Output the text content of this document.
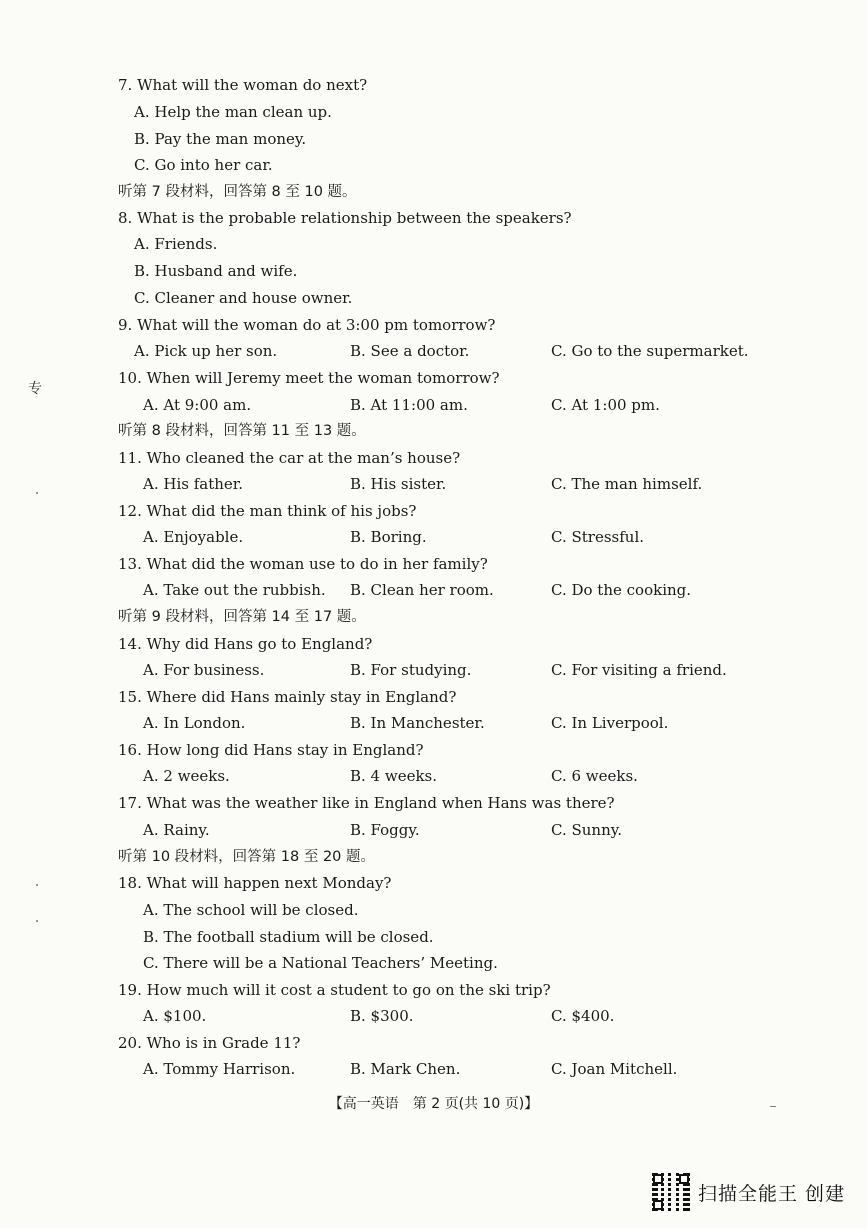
专
7. What will the woman do next?
A. Help the man clean up.
B. Pay the man money.
C. Go into her car.
听第 7 段材料，回答第 8 至 10 题。
8. What is the probable relationship between the speakers?
A. Friends.
B. Husband and wife.
C. Cleaner and house owner.
9. What will the woman do at 3:00 pm tomorrow?
A. Pick up her son.	B. See a doctor.	C. Go to the supermarket.
10. When will Jeremy meet the woman tomorrow?
A. At 9:00 am.	B. At 11:00 am.	C. At 1:00 pm.
听第 8 段材料，回答第 11 至 13 题。
11. Who cleaned the car at the man’s house?
A. His father.	B. His sister.	C. The man himself.
12. What did the man think of his jobs?
A. Enjoyable.	B. Boring.	C. Stressful.
13. What did the woman use to do in her family?
A. Take out the rubbish. B. Clean her room.	C. Do the cooking.
听第 9 段材料，回答第 14 至 17 题。
14. Why did Hans go to England?
A. For business.	B. For studying.	C. For visiting a friend.
15. Where did Hans mainly stay in England?
A. In London.	B. In Manchester.	C. In Liverpool.
16. How long did Hans stay in England?
A. 2 weeks.	B. 4 weeks.	C. 6 weeks.
17. What was the weather like in England when Hans was there?
A. Rainy.	B. Foggy.	C. Sunny.
听第 10 段材料，回答第 18 至 20 题。
18. What will happen next Monday?
A. The school will be closed.
B. The football stadium will be closed.
C. There will be a National Teachers’ Meeting.
19. How much will it cost a student to go on the ski trip?
A. $100.	B. $300.	C. $400.
20. Who is in Grade 11?
A. Tommy Harrison.	B. Mark Chen.	C. Joan Mitchell.
【高一英语　第 2 页(共 10 页)】
扫描全能王 创建
